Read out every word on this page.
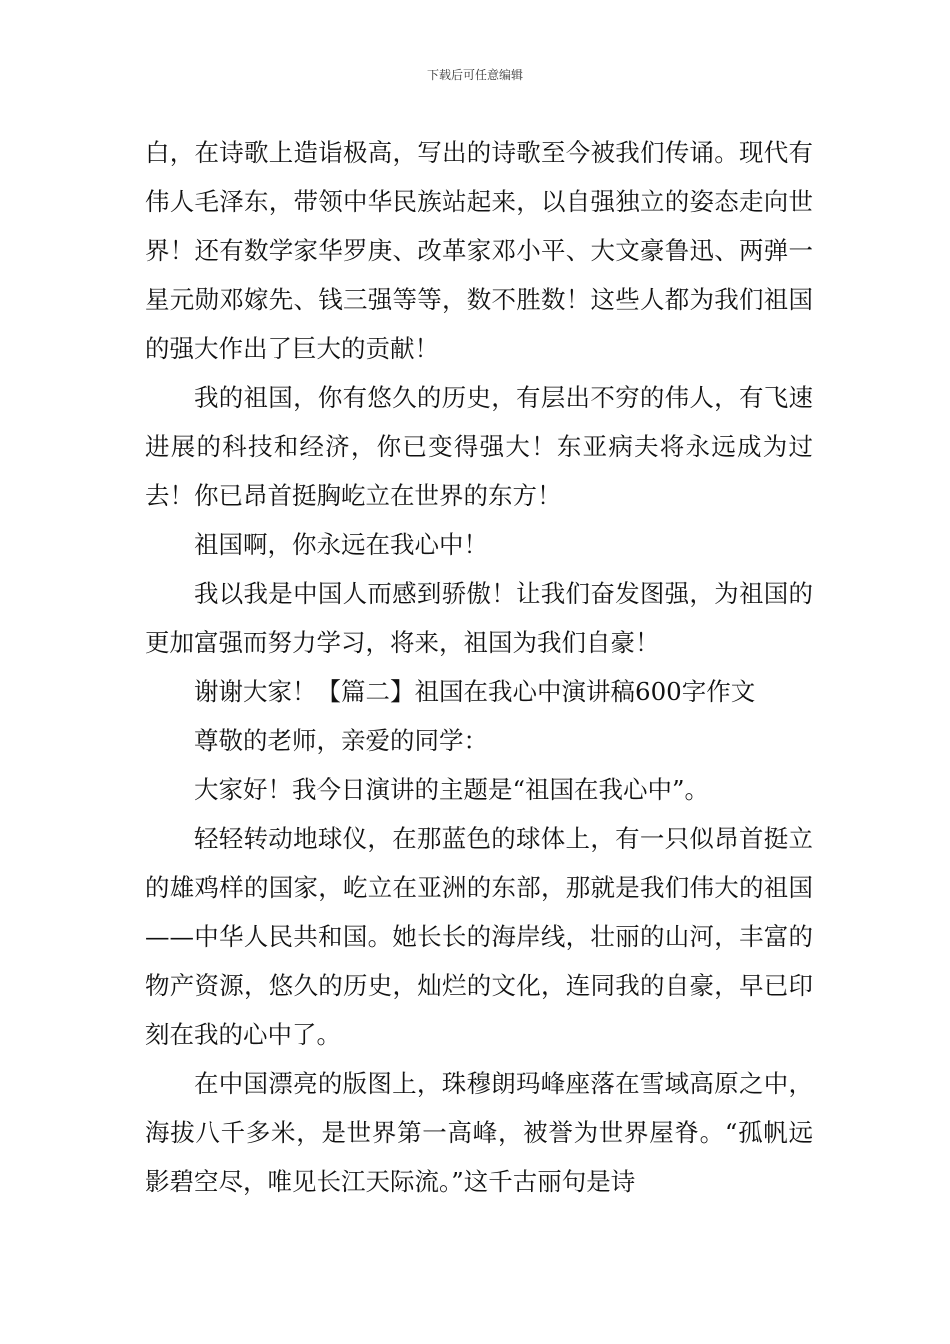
下载后可任意编辑

白，在诗歌上造诣极高，写出的诗歌至今被我们传诵。现代有伟人毛泽东，带领中华民族站起来，以自强独立的姿态走向世界！还有数学家华罗庚、改革家邓小平、大文豪鲁迅、两弹一星元勋邓嫁先、钱三强等等，数不胜数！这些人都为我们祖国的强大作出了巨大的贡献！

我的祖国，你有悠久的历史，有层出不穷的伟人，有飞速进展的科技和经济，你已变得强大！东亚病夫将永远成为过去！你已昂首挺胸屹立在世界的东方！

祖国啊，你永远在我心中！

我以我是中国人而感到骄傲！让我们奋发图强，为祖国的更加富强而努力学习，将来，祖国为我们自豪！

谢谢大家！【篇二】祖国在我心中演讲稿600字作文

尊敬的老师，亲爱的同学：

大家好！我今日演讲的主题是“祖国在我心中”。

轻轻转动地球仪，在那蓝色的球体上，有一只似昂首挺立的雄鸡样的国家，屹立在亚洲的东部，那就是我们伟大的祖国——中华人民共和国。她长长的海岸线，壮丽的山河，丰富的物产资源，悠久的历史，灿烂的文化，连同我的自豪，早已印刻在我的心中了。

在中国漂亮的版图上，珠穆朗玛峰座落在雪域高原之中，海拔八千多米，是世界第一高峰，被誉为世界屋脊。“孤帆远影碧空尽，唯见长江天际流。”这千古丽句是诗
